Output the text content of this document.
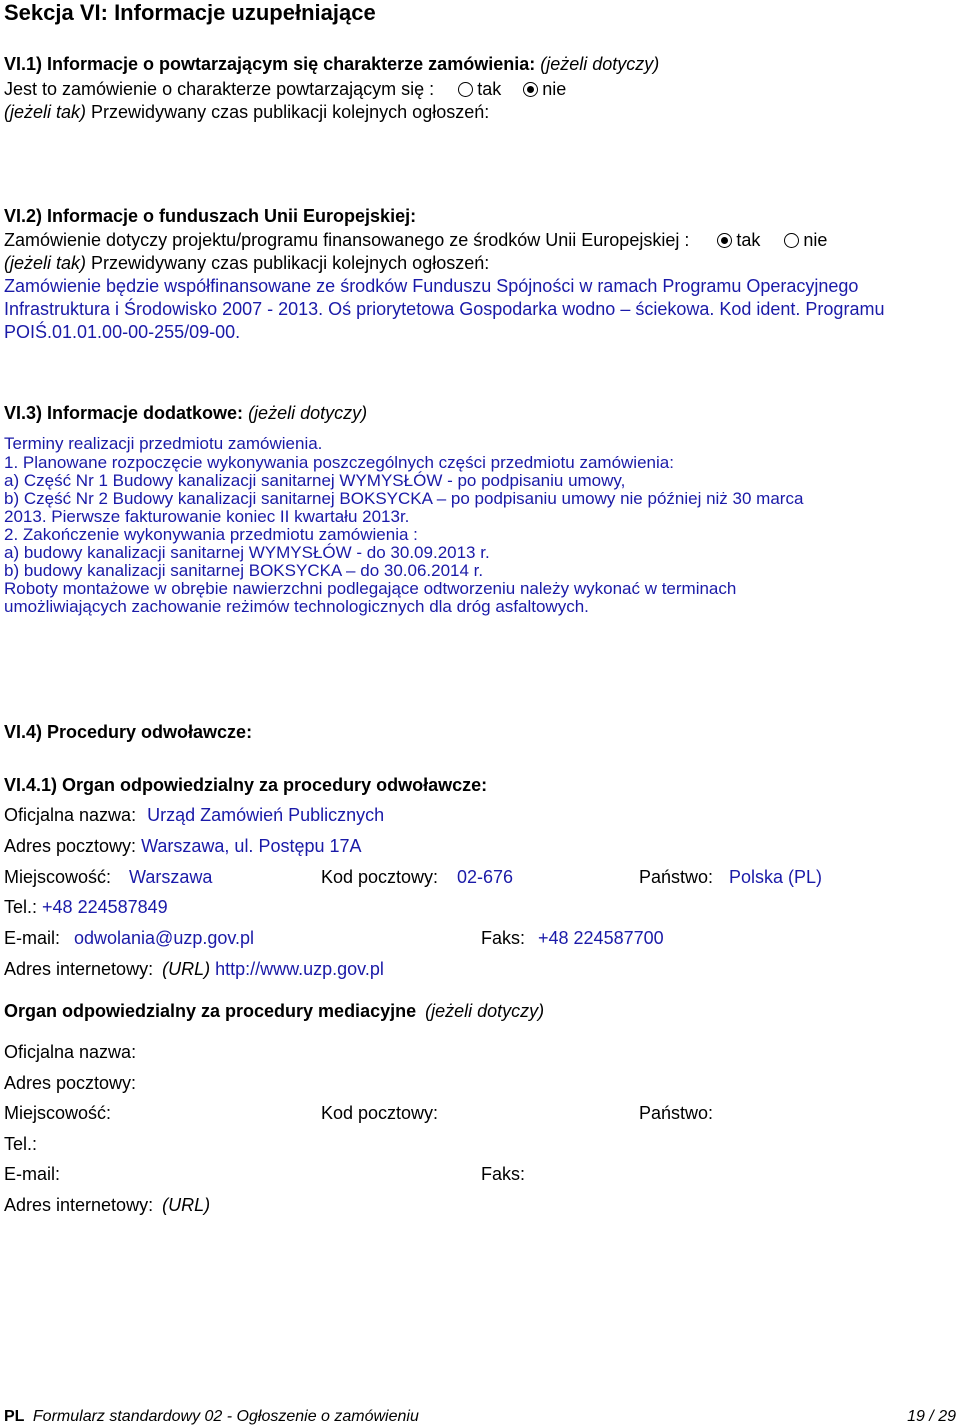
Sekcja VI: Informacje uzupełniające
VI.1) Informacje o powtarzającym się charakterze zamówienia: (jeżeli dotyczy)
Jest to zamówienie o charakterze powtarzającym się : tak nie
(jeżeli tak) Przewidywany czas publikacji kolejnych ogłoszeń:
VI.2) Informacje o funduszach Unii Europejskiej:
Zamówienie dotyczy projektu/programu finansowanego ze środków Unii Europejskiej :	tak nie
(jeżeli tak) Przewidywany czas publikacji kolejnych ogłoszeń:
Zamówienie będzie współfinansowane ze środków Funduszu Spójności w ramach Programu Operacyjnego
Infrastruktura i Środowisko 2007 - 2013. Oś priorytetowa Gospodarka wodno – ściekowa. Kod ident. Programu
POIŚ.01.01.00-00-255/09-00.
VI.3) Informacje dodatkowe: (jeżeli dotyczy)
Terminy realizacji przedmiotu zamówienia.
1. Planowane rozpoczęcie wykonywania poszczególnych części przedmiotu zamówienia:
a) Część Nr 1 Budowy kanalizacji sanitarnej WYMYSŁÓW - po podpisaniu umowy,
b) Część Nr 2 Budowy kanalizacji sanitarnej BOKSYCKA – po podpisaniu umowy nie później niż 30 marca
2013. Pierwsze fakturowanie koniec II kwartału 2013r.
2. Zakończenie wykonywania przedmiotu zamówienia :
a) budowy kanalizacji sanitarnej WYMYSŁÓW - do 30.09.2013 r.
b) budowy kanalizacji sanitarnej BOKSYCKA – do 30.06.2014 r.
Roboty montażowe w obrębie nawierzchni podlegające odtworzeniu należy wykonać w terminach
umożliwiających zachowanie reżimów technologicznych dla dróg asfaltowych.
VI.4) Procedury odwoławcze:
VI.4.1) Organ odpowiedzialny za procedury odwoławcze:
Oficjalna nazwa: Urząd Zamówień Publicznych
Adres pocztowy: Warszawa, ul. Postępu 17A
Miejscowość: Warszawa	Kod pocztowy: 02-676	Państwo: Polska (PL)
Tel.: +48 224587849
E-mail: odwolania@uzp.gov.pl	Faks: +48 224587700
Adres internetowy: (URL) http://www.uzp.gov.pl
Organ odpowiedzialny za procedury mediacyjne (jeżeli dotyczy)
Oficjalna nazwa:
Adres pocztowy:
Miejscowość:	Kod pocztowy:	Państwo:
Tel.:
E-mail:	Faks:
Adres internetowy: (URL)
PL Formularz standardowy 02 - Ogłoszenie o zamówieniu	19 / 29
